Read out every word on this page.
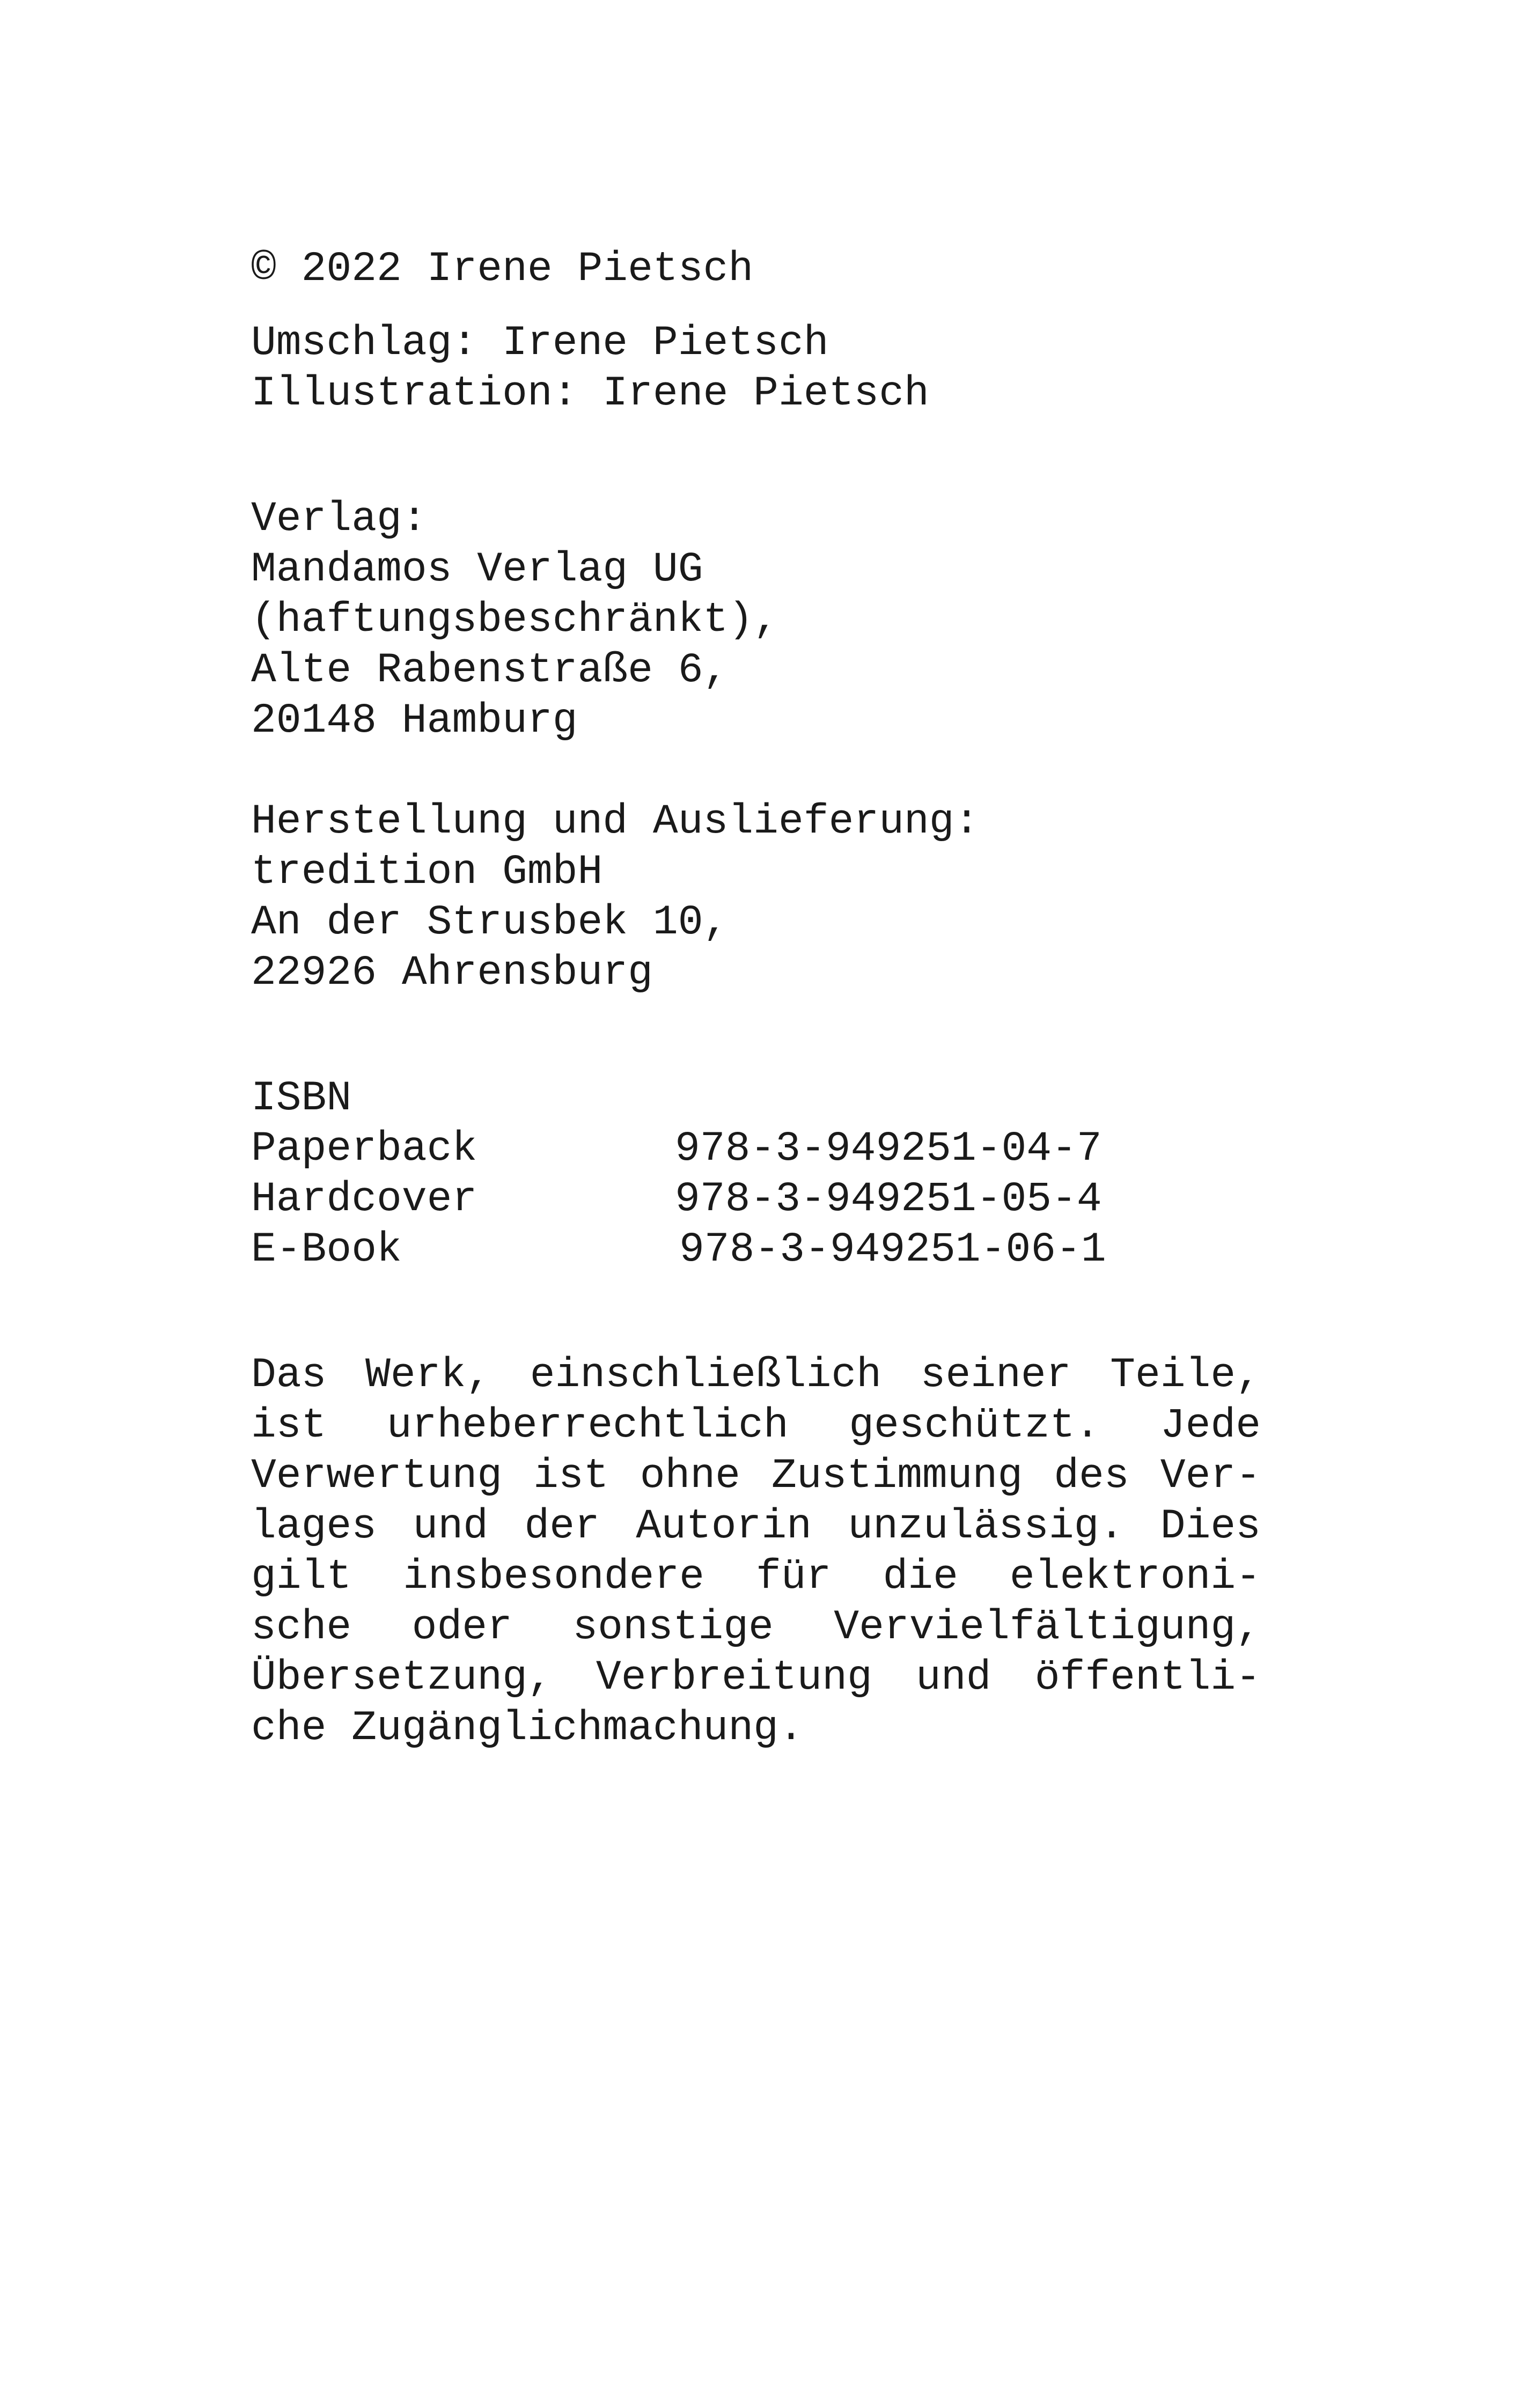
© 2022 Irene Pietsch
Umschlag: Irene Pietsch
Illustration: Irene Pietsch
Verlag:
Mandamos Verlag UG
(haftungsbeschränkt),
Alte Rabenstraße 6,
20148 Hamburg
Herstellung und Auslieferung:
tredition GmbH
An der Strusbek 10,
22926 Ahrensburg
ISBN

Paperback

	978-3-949251-04-7

Hardcover

	978-3-949251-05-4

E-Book

	978-3-949251-06-1

Das Werk, einschließlich seiner Teile,
ist urheberrechtlich geschützt. Jede
Verwertung ist ohne Zustimmung des Ver-
lages und der Autorin unzulässig. Dies
gilt insbesondere für die elektroni-
sche oder sonstige Vervielfältigung,
Übersetzung, Verbreitung und öffentli-
che Zugänglichmachung.
